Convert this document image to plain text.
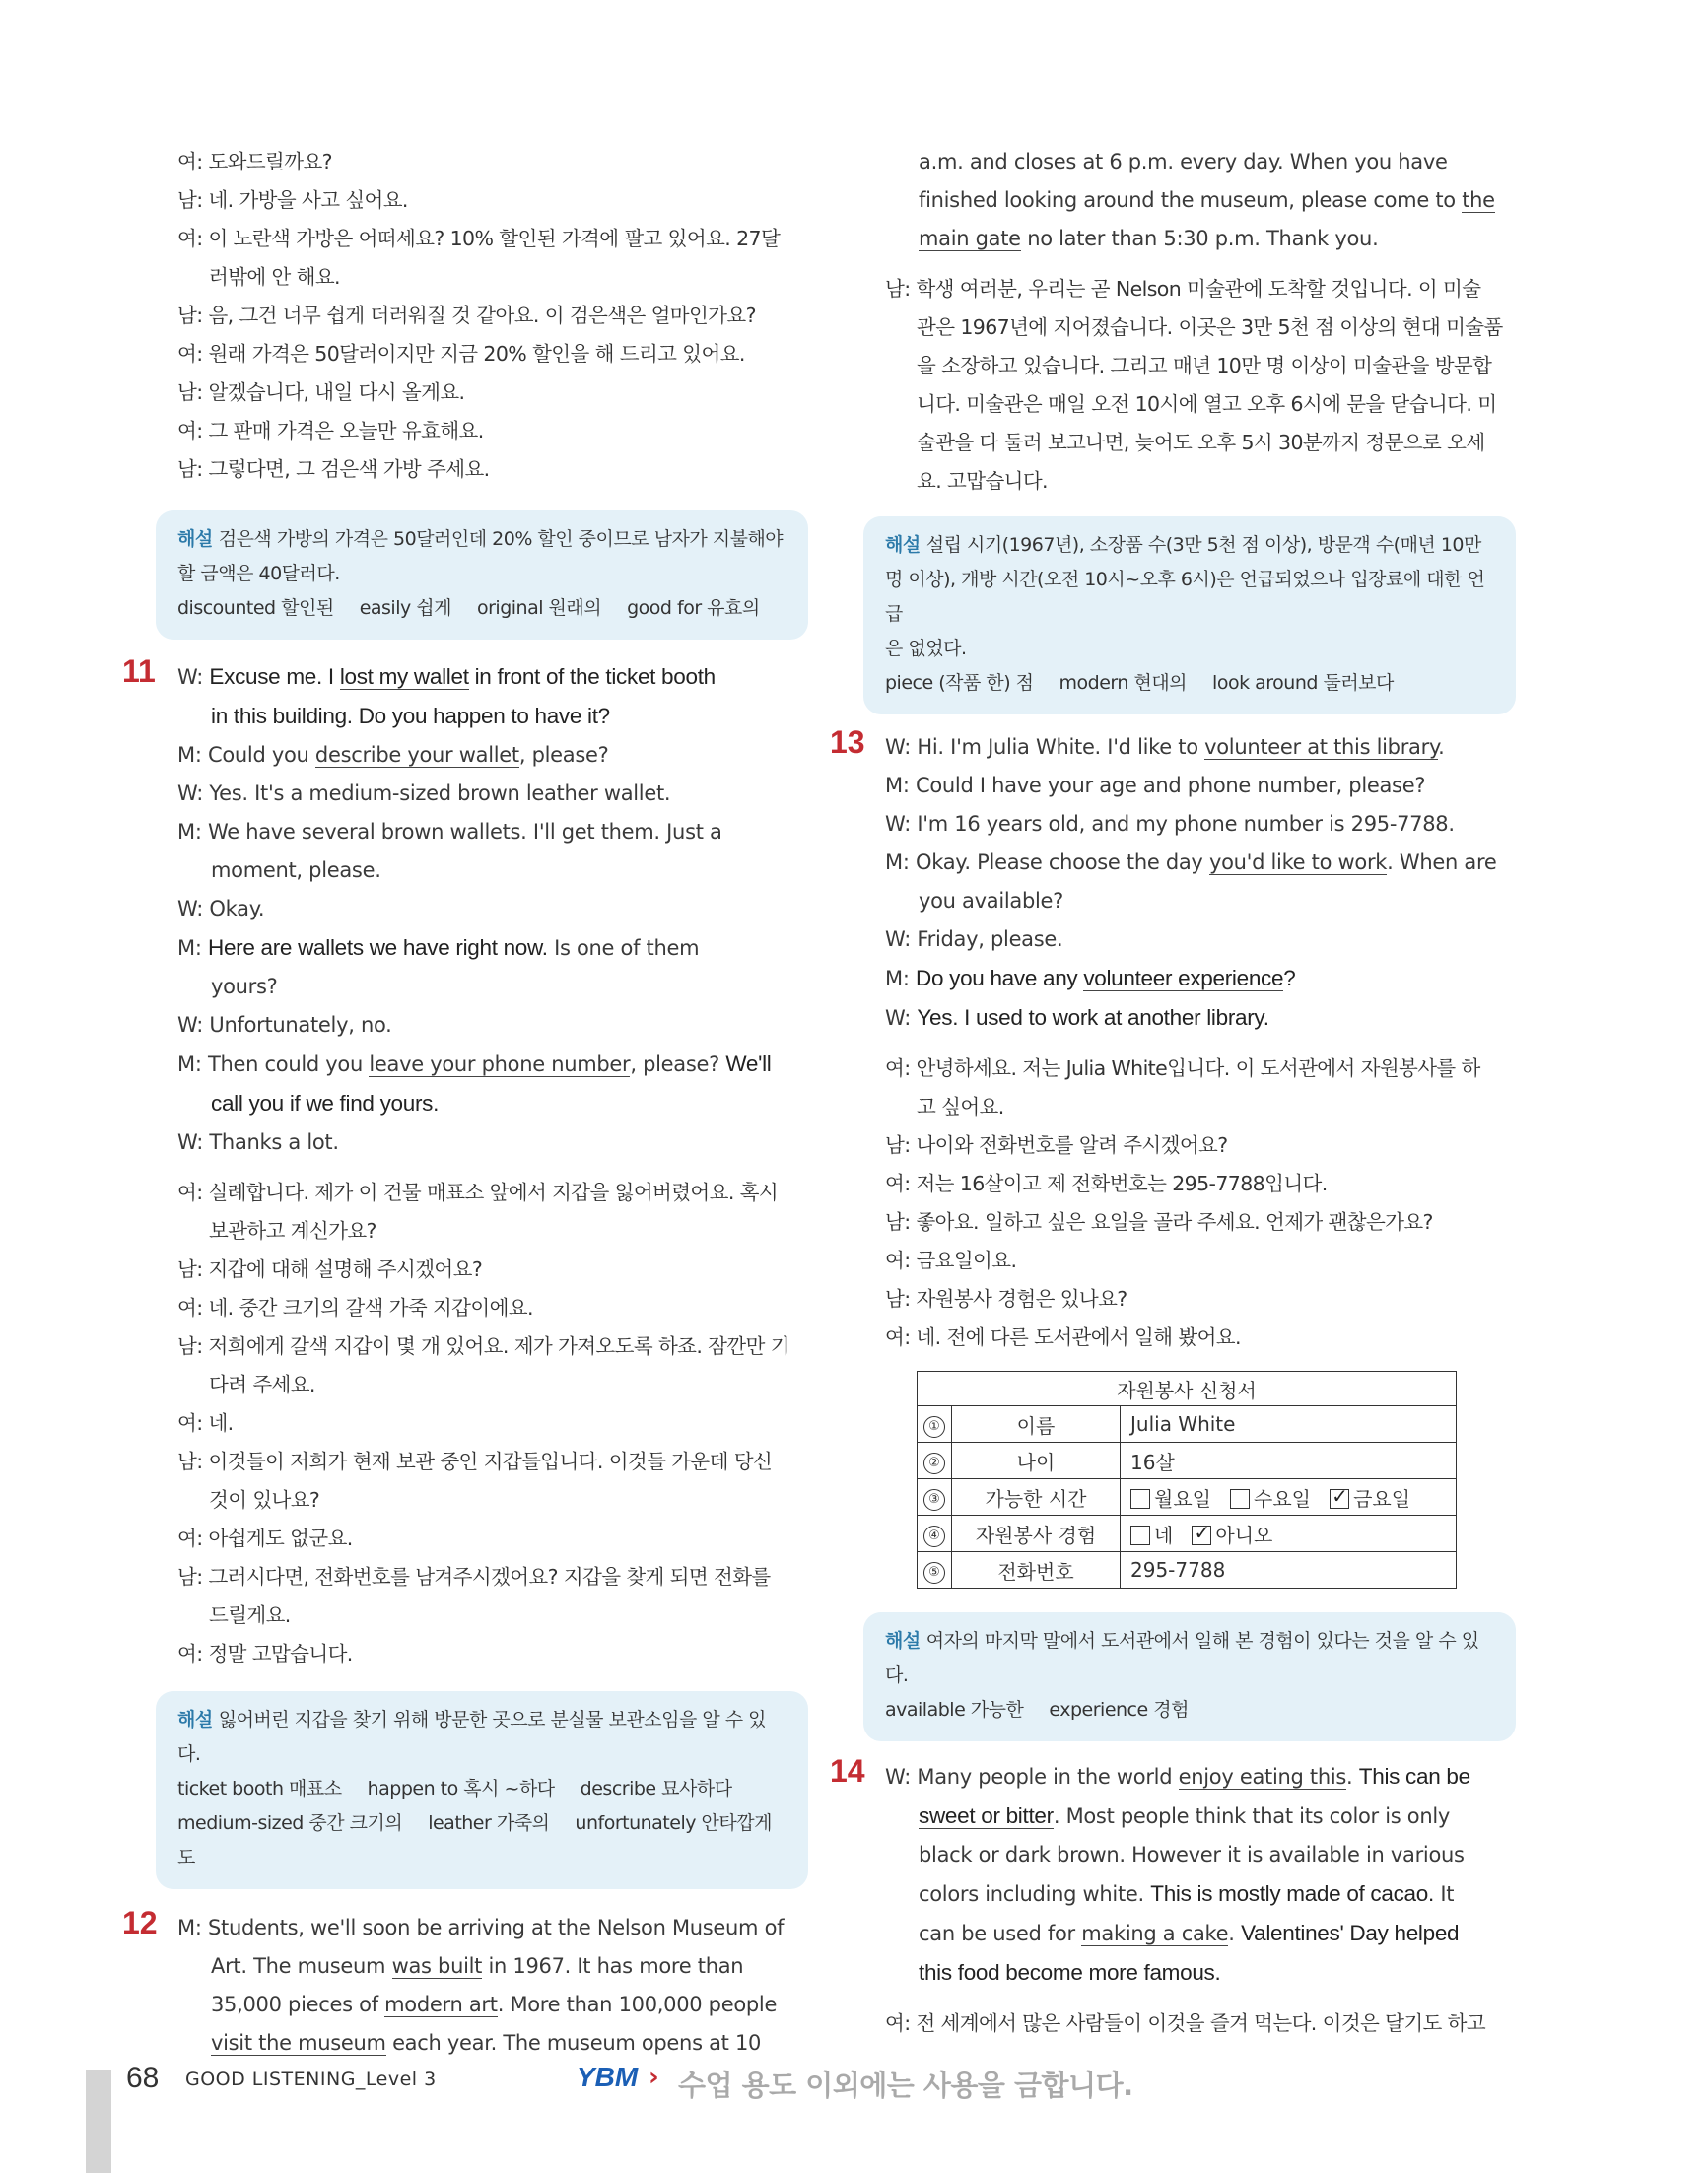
여: 도와드릴까요?
남: 네. 가방을 사고 싶어요.
여: 이 노란색 가방은 어떠세요? 10% 할인된 가격에 팔고 있어요. 27달
러밖에 안 해요.
남: 음, 그건 너무 쉽게 더러워질 것 같아요. 이 검은색은 얼마인가요?
여: 원래 가격은 50달러이지만 지금 20% 할인을 해 드리고 있어요.
남: 알겠습니다, 내일 다시 올게요.
여: 그 판매 가격은 오늘만 유효해요.
남: 그렇다면, 그 검은색 가방 주세요.
해설 검은색 가방의 가격은 50달러인데 20% 할인 중이므로 남자가 지불해야
할 금액은 40달러다.
discounted 할인된 easily 쉽게 original 원래의 good for 유효의
11 W: Excuse me. I lost my wallet in front of the ticket booth
in this building. Do you happen to have it?
M: Could you describe your wallet, please?
W: Yes. It's a medium-sized brown leather wallet.
M: We have several brown wallets. I'll get them. Just a
moment, please.
W: Okay.
M: Here are wallets we have right now. Is one of them
yours?
W: Unfortunately, no.
M: Then could you leave your phone number, please? We'll
call you if we find yours.
W: Thanks a lot.
여: 실례합니다. 제가 이 건물 매표소 앞에서 지갑을 잃어버렸어요. 혹시
보관하고 계신가요?
남: 지갑에 대해 설명해 주시겠어요?
여: 네. 중간 크기의 갈색 가죽 지갑이에요.
남: 저희에게 갈색 지갑이 몇 개 있어요. 제가 가져오도록 하죠. 잠깐만 기
다려 주세요.
여: 네.
남: 이것들이 저희가 현재 보관 중인 지갑들입니다. 이것들 가운데 당신
것이 있나요?
여: 아쉽게도 없군요.
남: 그러시다면, 전화번호를 남겨주시겠어요? 지갑을 찾게 되면 전화를
드릴게요.
여: 정말 고맙습니다.
해설 잃어버린 지갑을 찾기 위해 방문한 곳으로 분실물 보관소임을 알 수 있다.
ticket booth 매표소 happen to 혹시 ~하다 describe 묘사하다
medium-sized 중간 크기의 leather 가죽의 unfortunately 안타깝게도
12 M: Students, we'll soon be arriving at the Nelson Museum of
Art. The museum was built in 1967. It has more than
35,000 pieces of modern art. More than 100,000 people
visit the museum each year. The museum opens at 10
a.m. and closes at 6 p.m. every day. When you have
finished looking around the museum, please come to the
main gate no later than 5:30 p.m. Thank you.
남: 학생 여러분, 우리는 곧 Nelson 미술관에 도착할 것입니다. 이 미술
관은 1967년에 지어졌습니다. 이곳은 3만 5천 점 이상의 현대 미술품
을 소장하고 있습니다. 그리고 매년 10만 명 이상이 미술관을 방문합
니다. 미술관은 매일 오전 10시에 열고 오후 6시에 문을 닫습니다. 미
술관을 다 둘러 보고나면, 늦어도 오후 5시 30분까지 정문으로 오세
요. 고맙습니다.
해설 설립 시기(1967년), 소장품 수(3만 5천 점 이상), 방문객 수(매년 10만
명 이상), 개방 시간(오전 10시~오후 6시)은 언급되었으나 입장료에 대한 언급
은 없었다.
piece (작품 한) 점 modern 현대의 look around 둘러보다
13 W: Hi. I'm Julia White. I'd like to volunteer at this library.
M: Could I have your age and phone number, please?
W: I'm 16 years old, and my phone number is 295-7788.
M: Okay. Please choose the day you'd like to work. When are
you available?
W: Friday, please.
M: Do you have any volunteer experience?
W: Yes. I used to work at another library.
여: 안녕하세요. 저는 Julia White입니다. 이 도서관에서 자원봉사를 하
고 싶어요.
남: 나이와 전화번호를 알려 주시겠어요?
여: 저는 16살이고 제 전화번호는 295-7788입니다.
남: 좋아요. 일하고 싶은 요일을 골라 주세요. 언제가 괜찮은가요?
여: 금요일이요.
남: 자원봉사 경험은 있나요?
여: 네. 전에 다른 도서관에서 일해 봤어요.
자원봉사 신청서		
①	이름	Julia White
②	나이	16살
③	가능한 시간	월요일 수요일 ✓ 금요일
④	자원봉사 경험	네 ✓ 아니오
⑤	전화번호	295-7788
해설 여자의 마지막 말에서 도서관에서 일해 본 경험이 있다는 것을 알 수 있다.
available 가능한 experience 경험
14 W: Many people in the world enjoy eating this. This can be
sweet or bitter. Most people think that its color is only
black or dark brown. However it is available in various
colors including white. This is mostly made of cacao. It
can be used for making a cake. Valentines' Day helped
this food become more famous.
여: 전 세계에서 많은 사람들이 이것을 즐겨 먹는다. 이것은 달기도 하고
68 GOOD LISTENING_Level 3	YBM › 수업 용도 이외에는 사용을 금합니다.
